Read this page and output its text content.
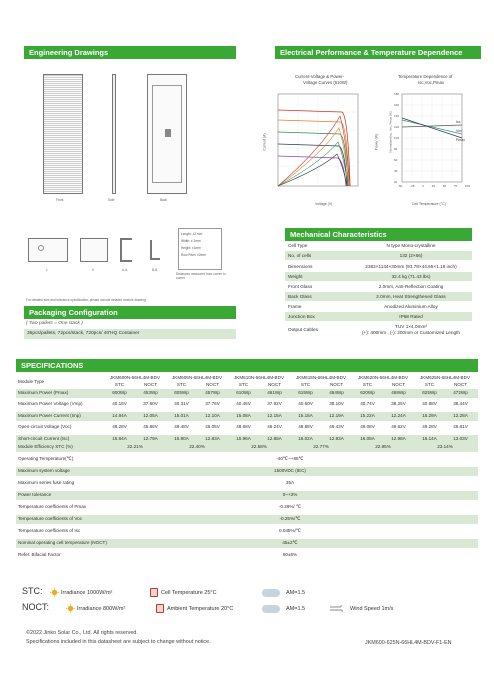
Engineering Drawings	Electrical Performance & Temperature Dependence
Front	Side	Back
1	II	A-A	B-B
Length: ±2 mm
Width: ± 2mm
Height: ±1mm
Row Pitch: ±2mm
Distances measured from corner to corner
For detailed size and tolerance specification, please consult detailed module drawing
Current-Voltage & Power-
Voltage Curves (610W)
Current (A)
Voltage (V)
Power (W)
Temperature Dependence of
Isc,Voc,Pmax
180
160
140
120
100
80
60
40
20
-50	-25	0	25	50	75	100
Normalized Isc, Voc, Pmax (%)
Cell Temperature (°C)
Isc
Voc
Pmax
Mechanical Characteristics
Cell Type	N type Mono-crystalline
No. of cells	132 (2×66)
Dimensions	2382×1134×30mm (93.78×44.65×1.18 inch)
Weight	32.4 kg (71.43 lbs)
Front Glass	2.0mm, Anti-Reflection Coating
Back Glass	2.0mm, Heat Strengthened Glass
Frame	Anodized Aluminium Alloy
Junction Box	IP68 Rated
Output Cables
TUV 1×4.0mm²
(+): 400mm , (-): 200mm or Customized Length
Packaging Configuration
( Two pallets = One stack )
36pcs/pallets, 72pcs/stack, 720pcs/ 40'HQ Container
SPECIFICATIONS
Module Type
JKM600N-66HL4M-BDV	JKM605N-66HL4M-BDV	JKM610N-66HL4M-BDV	JKM615N-66HL4M-BDV	JKM620N-66HL4M-BDV	JKM625N-66HL4M-BDV
STC	NOCT	STC	NOCT	STC	NOCT	STC	NOCT	STC	NOCT	STC	NOCT
Maximum Power (Pmax)	600Wp	453Wp	605Wp	457Wp	610Wp	461Wp	615Wp	464Wp	620Wp	468Wp	625Wp	472Wp
Maximum Power Voltage (Vmp)	40.16V	37.60V	40.31V	37.76V	40.46V	37.92V	40.60V	38.10V	40.74V	38.25V	40.88V	38.44V
Maximum Power Current (Imp)	14.94A	12.05A	15.01A	12.10A	15.08A	12.15A	15.15A	12.19A	15.22A	12.24A	15.29A	12.28A
Open-circuit Voltage (Voc)	48.28V	45.86V	48.48V	46.05V	48.68V	46.24V	48.88V	46.43V	49.08V	46.62V	49.28V	46.81V
Short-circuit Current (Isc)	15.84A	12.79A	15.90A	12.83A	15.96A	12.88A	16.02A	12.93A	16.08A	12.98A	16.14A	13.03V
Module Efficiency STC (%)	22.21%	22.40%	22.58%	22.77%	22.95%	23.14%
Operating Temperature(℃)	-40℃~+85℃
Maximum system voltage	1500VDC (IEC)
Maximum series fuse rating	35A
Power tolerance	0~+3%
Temperature coefficients of Pmax	-0.29%/ ℃
Temperature coefficients of Voc	-0.25%/℃
Temperature coefficients of Isc	0.045%/℃
Nominal operating cell temperature (NOCT)	45±2℃
Refer. Bifacial Factor	80±5%
STC:
NOCT:
Irradiance 1000W/m²
Irradiance 800W/m²
Cell Temperature 25°C
Ambient Temperature 20°C
AM=1.5
AM=1.5	Wind Speed 1m/s
©2022 Jinko Solar Co., Ltd. All rights reserved.
Specifications included in this datasheet are subject to change without notice.	JKM600-625N-66HL4M-BDV-F1-EN
